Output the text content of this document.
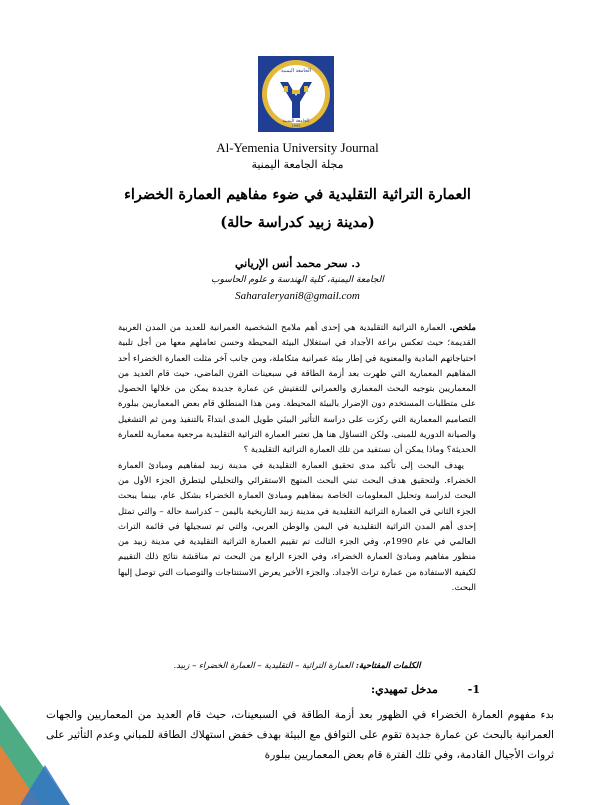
الجامعة اليمنية
الجامعة اليمنية
1995
Al-Yemenia University Journal
مجلة الجامعة اليمنية
العمارة التراثية التقليدية في ضوء مفاهيم العمارة الخضراء
(مدينة زبيد كدراسة حالة)
د. سحر محمد أنس الإرياني
الجامعة اليمنية، كلية الهندسة و علوم الحاسوب
Saharaleryani8@gmail.com
ملخص. العمارة التراثية التقليدية هي إحدى أهم ملامح الشخصية العمرانية للعديد من المدن العربية القديمة؛ حيث تعكس براعة الأجداد في استغلال البيئة المحيطة وحسن تعاملهم معها من أجل تلبية احتياجاتهم المادية والمعنوية في إطار بيئة عمرانية متكاملة، ومن جانب آخر مثلت العمارة الخضراء أحد المفاهيم المعمارية التي ظهرت بعد أزمة الطاقة في سبعينات القرن الماضي، حيث قام العديد من المعماريين بتوجيه البحث المعماري والعمراني للتفتيش عن عمارة جديدة يمكن من خلالها الحصول على متطلبات المستخدم دون الإضرار بالبيئة المحيطة. ومن هذا المنطلق قام بعض المعماريين ببلورة التصاميم المعمارية التي ركزت على دراسة التأثير البيئي طويل المدى ابتداءً بالتنفيذ ومن ثم التشغيل والصيانة الدورية للمبنى. ولكن التساؤل هنا هل تعتبر العمارة التراثية التقليدية مرجعية معمارية للعمارة الحديثة؟ وماذا يمكن أن نستفيد من تلك العمارة التراثية التقليدية ؟
يهدف البحث إلى تأكيد مدى تحقيق العمارة التقليدية في مدينة زبيد لمفاهيم ومبادئ العمارة الخضراء. ولتحقيق هدف البحث تبني البحث المنهج الاستقرائي والتحليلي ليتطرق الجزء الأول من البحث لدراسة وتحليل المعلومات الخاصة بمفاهيم ومبادئ العمارة الخضراء بشكل عام، بينما يبحث الجزء الثاني في العمارة التراثية التقليدية في مدينة زبيد التاريخية باليمن – كدراسة حالة – والتي تمثل إحدى أهم المدن التراثية التقليدية في اليمن والوطن العربي، والتي تم تسجيلها في قائمة التراث العالمي في عام 1990م، وفي الجزء الثالث تم تقييم العمارة التراثية التقليدية في مدينة زبيد من منظور مفاهيم ومبادئ العمارة الخضراء، وفي الجزء الرابع من البحث تم مناقشة نتائج ذلك التقييم لكيفية الاستفادة من عمارة تراث الأجداد. والجزء الأخير يعرض الاستنتاجات والتوصيات التي توصل إليها البحث.
الكلمات المفتاحية: العمارة التراثية – التقليدية – العمارة الخضراء – زبيد.
1- مدخل تمهيدي:
بدء مفهوم العمارة الخضراء في الظهور بعد أزمة الطاقة في السبعينات، حيث قام العديد من المعماريين والجهات العمرانية بالبحث عن عمارة جديدة تقوم على التوافق مع البيئة بهدف خفض استهلاك الطاقة للمباني وعدم التأثير على ثروات الأجيال القادمة، وفي تلك الفترة قام بعض المعماريين ببلورة
